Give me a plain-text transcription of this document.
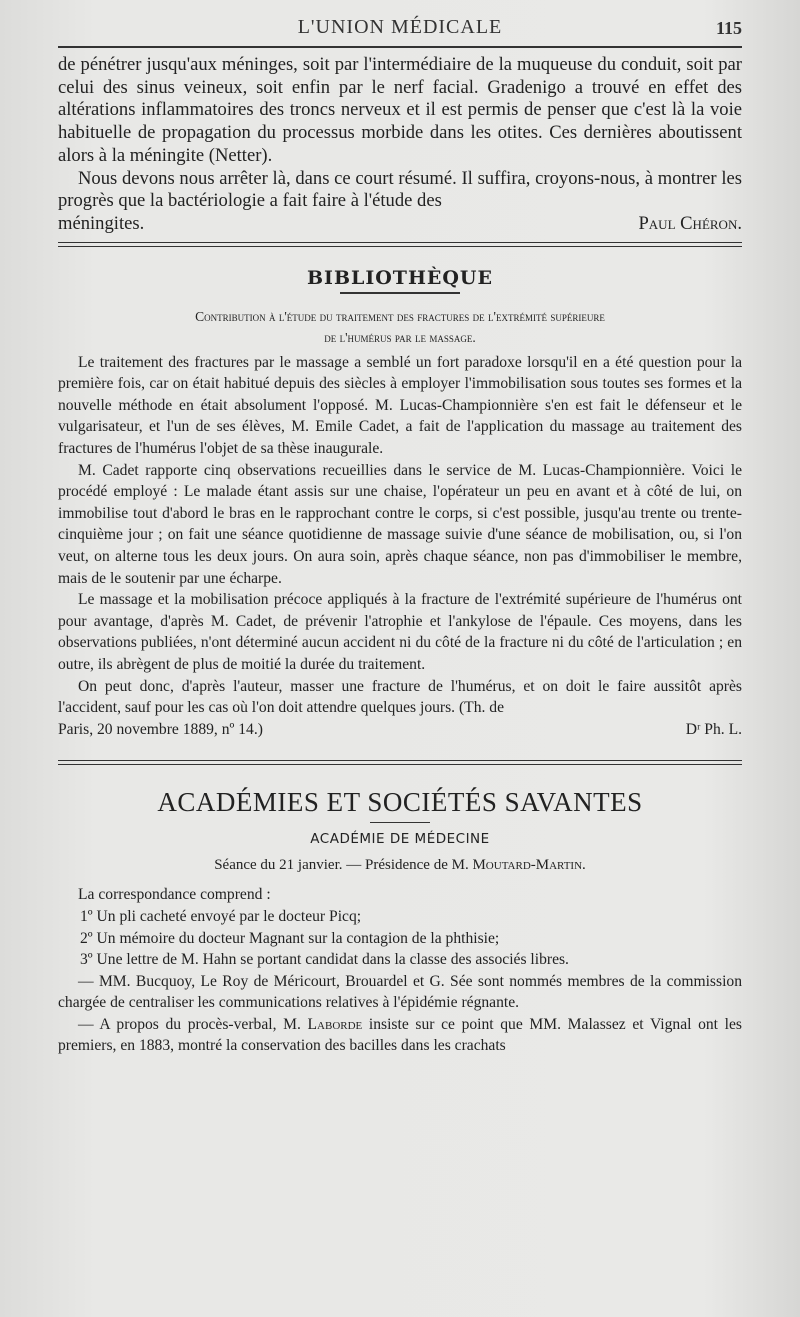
L'UNION MÉDICALE	115

de pénétrer jusqu'aux méninges, soit par l'intermédiaire de la muqueuse du conduit, soit par celui des sinus veineux, soit enfin par le nerf facial. Gradenigo a trouvé en effet des altérations inflammatoires des troncs nerveux et il est permis de penser que c'est là la voie habituelle de propagation du processus morbide dans les otites. Ces dernières aboutissent alors à la méningite (Netter).

Nous devons nous arrêter là, dans ce court résumé. Il suffira, croyons-nous, à montrer les progrès que la bactériologie a fait faire à l'étude des

méningites.	Paul Chéron.
BIBLIOTHÈQUE
Contribution à l'étude du traitement des fractures de l'extrémité supérieure
de l'humérus par le massage.

Le traitement des fractures par le massage a semblé un fort paradoxe lorsqu'il en a été question pour la première fois, car on était habitué depuis des siècles à employer l'immobilisation sous toutes ses formes et la nouvelle méthode en était absolument l'opposé. M. Lucas-Championnière s'en est fait le défenseur et le vulgarisateur, et l'un de ses élèves, M. Emile Cadet, a fait de l'application du massage au traitement des fractures de l'humérus l'objet de sa thèse inaugurale.

M. Cadet rapporte cinq observations recueillies dans le service de M. Lucas-Championnière. Voici le procédé employé : Le malade étant assis sur une chaise, l'opérateur un peu en avant et à côté de lui, on immobilise tout d'abord le bras en le rapprochant contre le corps, si c'est possible, jusqu'au trente ou trente-cinquième jour ; on fait une séance quotidienne de massage suivie d'une séance de mobilisation, ou, si l'on veut, on alterne tous les deux jours. On aura soin, après chaque séance, non pas d'immobiliser le membre, mais de le soutenir par une écharpe.

Le massage et la mobilisation précoce appliqués à la fracture de l'extrémité supérieure de l'humérus ont pour avantage, d'après M. Cadet, de prévenir l'atrophie et l'ankylose de l'épaule. Ces moyens, dans les observations publiées, n'ont déterminé aucun accident ni du côté de la fracture ni du côté de l'articulation ; en outre, ils abrègent de plus de moitié la durée du traitement.

On peut donc, d'après l'auteur, masser une fracture de l'humérus, et on doit le faire aussitôt après l'accident, sauf pour les cas où l'on doit attendre quelques jours. (Th. de

Paris, 20 novembre 1889, nº 14.)	Dʳ Ph. L.
ACADÉMIES ET SOCIÉTÉS SAVANTES
ACADÉMIE DE MÉDECINE
Séance du 21 janvier. — Présidence de M. Moutard-Martin.

La correspondance comprend :

1º Un pli cacheté envoyé par le docteur Picq;
2º Un mémoire du docteur Magnant sur la contagion de la phthisie;
3º Une lettre de M. Hahn se portant candidat dans la classe des associés libres.

— MM. Bucquoy, Le Roy de Méricourt, Brouardel et G. Sée sont nommés membres de la commission chargée de centraliser les communications relatives à l'épidémie régnante.

— A propos du procès-verbal, M. Laborde insiste sur ce point que MM. Malassez et Vignal ont les premiers, en 1883, montré la conservation des bacilles dans les crachats
